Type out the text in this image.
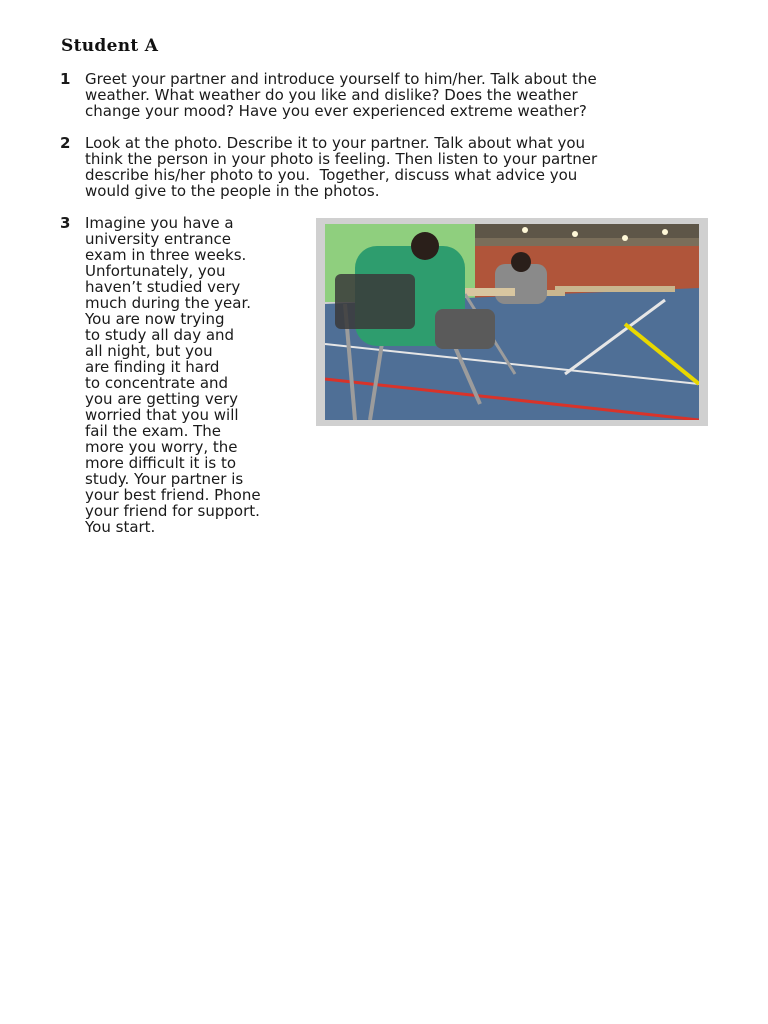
Student A
1 Greet your partner and introduce yourself to him/her. Talk about the
weather. What weather do you like and dislike? Does the weather
change your mood? Have you ever experienced extreme weather?
2 Look at the photo. Describe it to your partner. Talk about what you
think the person in your photo is feeling. Then listen to your partner
describe his/her photo to you.  Together, discuss what advice you
would give to the people in the photos.
3 Imagine you have a
university entrance
exam in three weeks.
Unfortunately, you
haven’t studied very
much during the year.
You are now trying
to study all day and
all night, but you
are finding it hard
to concentrate and
you are getting very
worried that you will
fail the exam. The
more you worry, the
more difficult it is to
study. Your partner is
your best friend. Phone
your friend for support.
You start.
